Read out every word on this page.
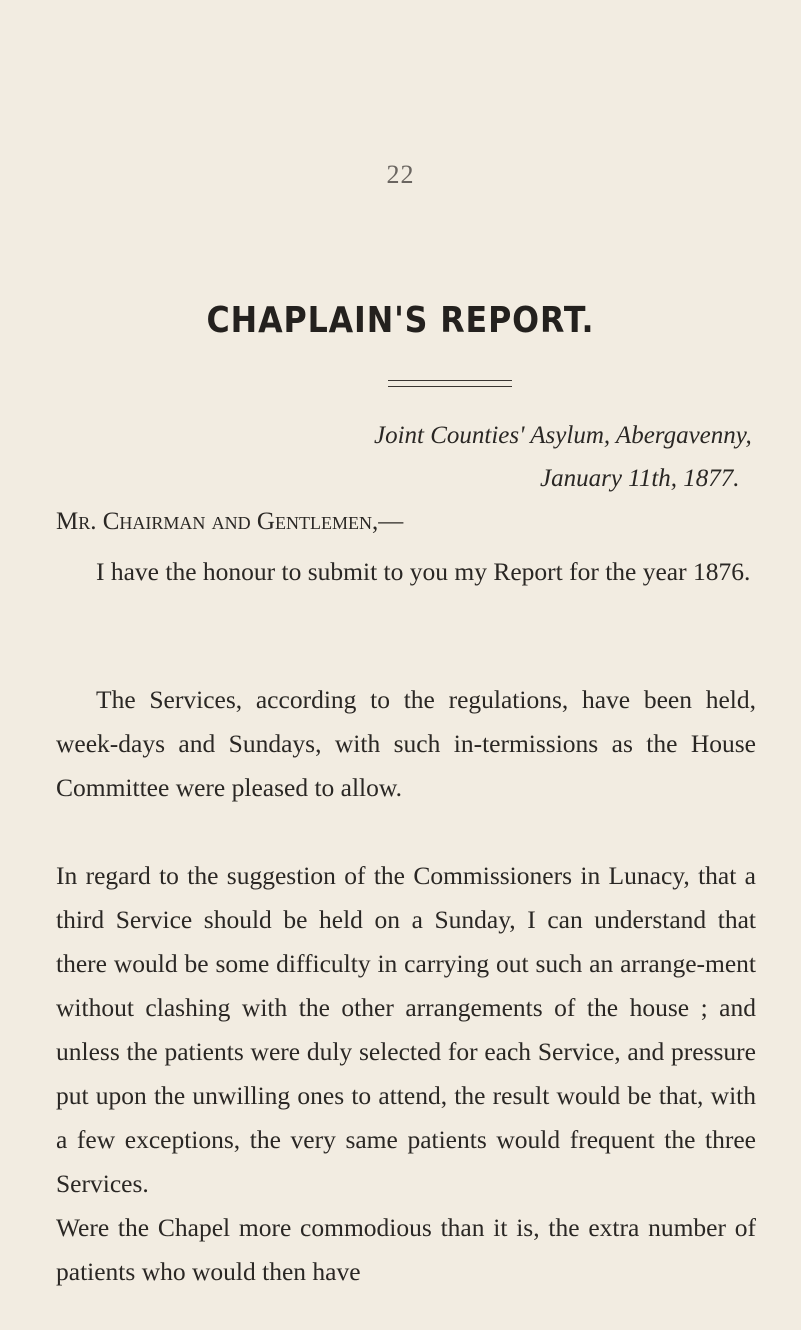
22
CHAPLAIN'S REPORT.
Joint Counties' Asylum, Abergavenny,
January 11th, 1877.
Mr. Chairman and Gentlemen,—

I have the honour to submit to you my Report for the year 1876.

The Services, according to the regulations, have been held, week-days and Sundays, with such in-termissions as the House Committee were pleased to allow.

In regard to the suggestion of the Commissioners in Lunacy, that a third Service should be held on a Sunday, I can understand that there would be some difficulty in carrying out such an arrange-ment without clashing with the other arrangements of the house ; and unless the patients were duly selected for each Service, and pressure put upon the unwilling ones to attend, the result would be that, with a few exceptions, the very same patients would frequent the three Services.

Were the Chapel more commodious than it is, the extra number of patients who would then have
